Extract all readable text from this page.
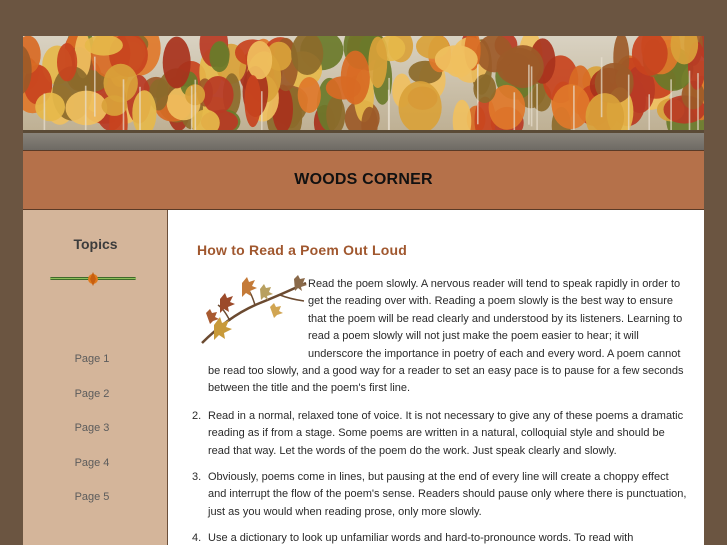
WOODS CORNER
Topics
Page 1
Page 2
Page 3
Page 4
Page 5
How to Read a Poem Out Loud

Read the poem slowly. A nervous reader will tend to speak rapidly in order to get the reading over with. Reading a poem slowly is the best way to ensure that the poem will be read clearly and understood by its listeners. Learning to read a poem slowly will not just make the poem easier to hear; it will underscore the importance in poetry of each and every word. A poem cannot be read too slowly, and a good way for a reader to set an easy pace is to pause for a few seconds between the title and the poem's first line.

2. Read in a normal, relaxed tone of voice. It is not necessary to give any of these poems a dramatic reading as if from a stage. Some poems are written in a natural, colloquial style and should be read that way. Let the words of the poem do the work. Just speak clearly and slowly.
3. Obviously, poems come in lines, but pausing at the end of every line will create a choppy effect and interrupt the flow of the poem's sense. Readers should pause only where there is punctuation, just as you would when reading prose, only more slowly.
4. Use a dictionary to look up unfamiliar words and hard-to-pronounce words. To read with
